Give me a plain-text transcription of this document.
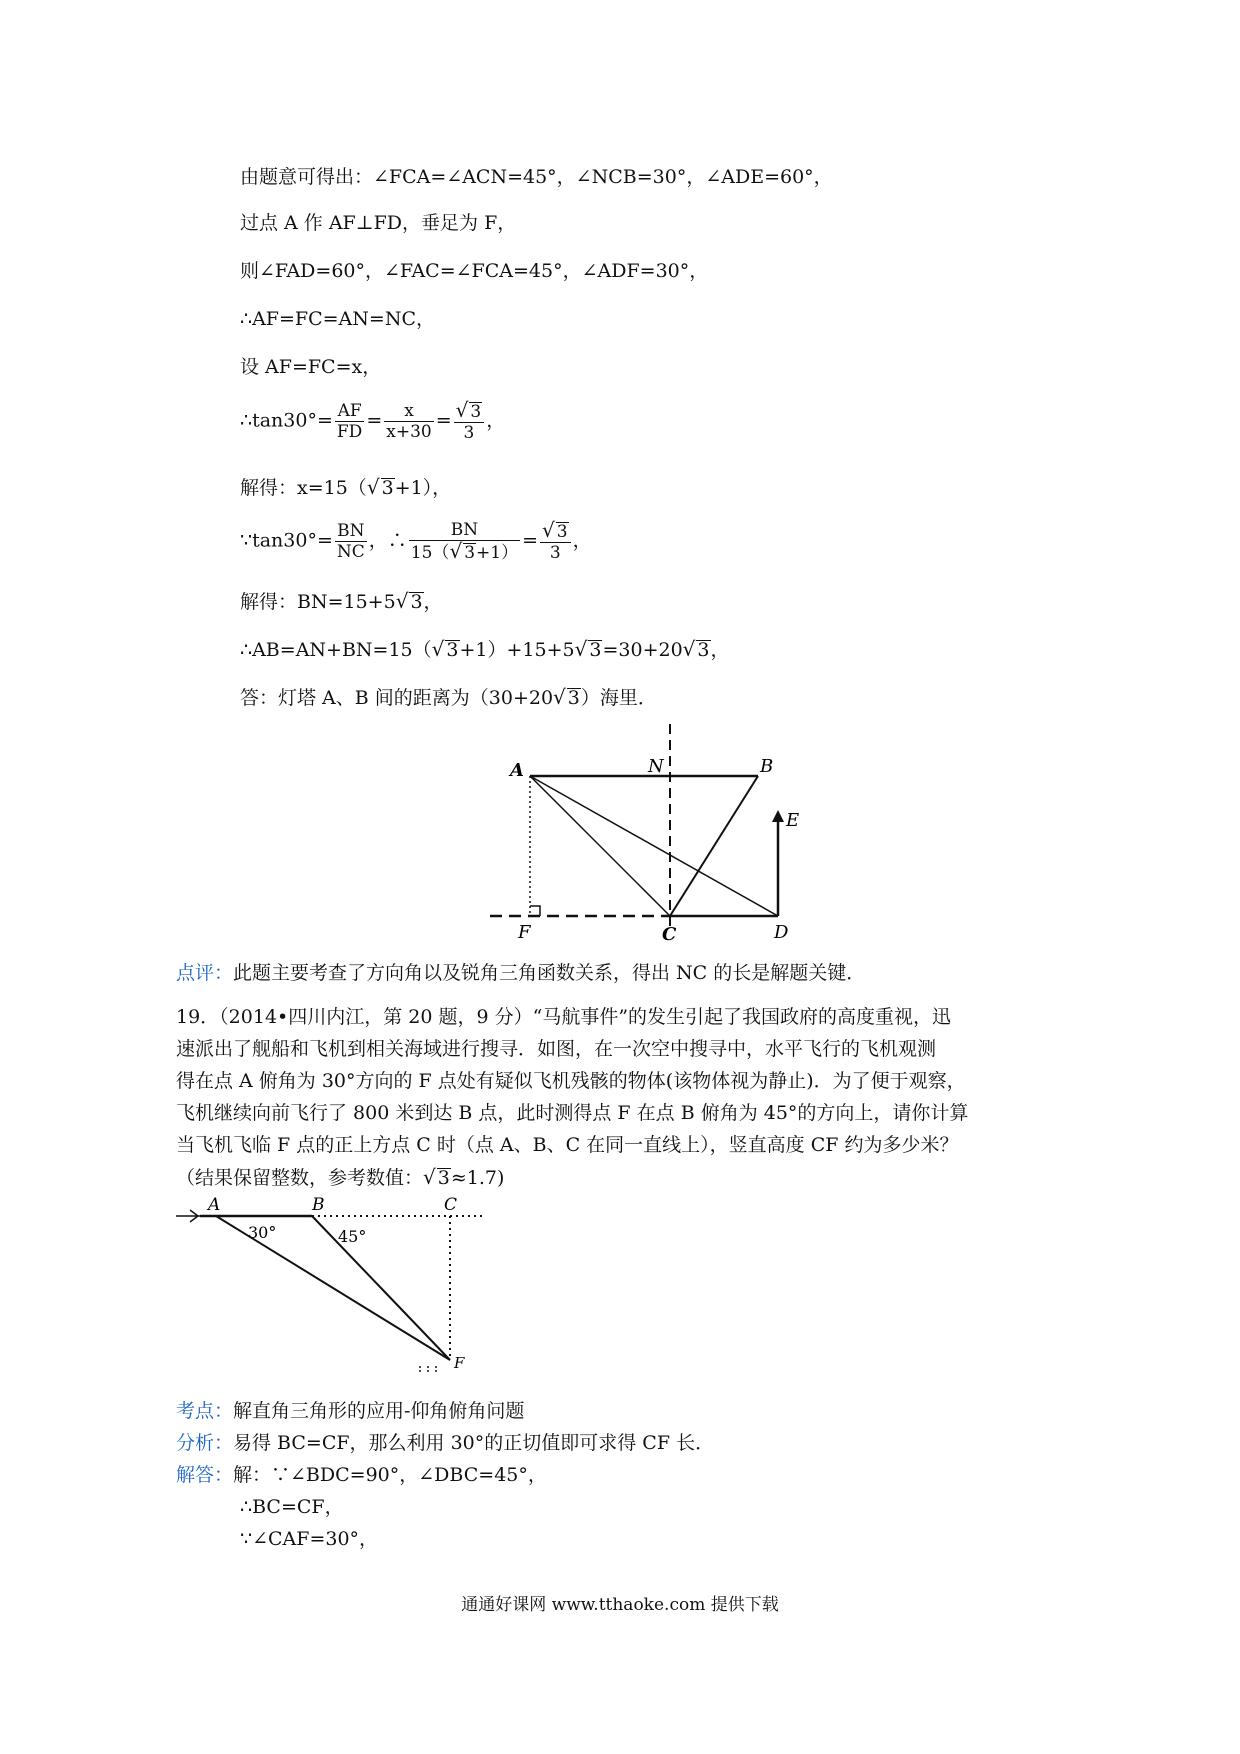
由题意可得出：∠FCA=∠ACN=45°，∠NCB=30°，∠ADE=60°，
过点 A 作 AF⊥FD，垂足为 F，
则∠FAD=60°，∠FAC=∠FCA=45°，∠ADF=30°，
∴AF=FC=AN=NC，
设 AF=FC=x，
∴tan30°= $\frac{AF}{FD} = \frac{x}{x+30} = \frac{√ 3}{3}$ ，
解得：x=15（√ 3+1），
∵tan30°= $\frac{BN}{NC}$ ，∴ $\frac{BN}{15(√ 3+1)} = \frac{√ 3}{3}$ ，
解得：BN=15+5√ 3，
∴AB=AN+BN=15（√ 3+1）+15+5√ 3=30+20√ 3，
答：灯塔 A、B 间的距离为（30+20√ 3）海里．
A	N	B
E
F	C	D
点评：此题主要考查了方向角以及锐角三角函数关系，得出 NC 的长是解题关键．
19．（2014•四川内江，第 20 题，9 分）“马航事件”的发生引起了我国政府的高度重视，迅
速派出了舰船和飞机到相关海域进行搜寻．如图，在一次空中搜寻中，水平飞行的飞机观测
得在点 A 俯角为 30°方向的 F 点处有疑似飞机残骸的物体(该物体视为静止)．为了便于观察，
飞机继续向前飞行了 800 米到达 B 点，此时测得点 F 在点 B 俯角为 45°的方向上，请你计算
当飞机飞临 F 点的正上方点 C 时（点 A、B、C 在同一直线上），竖直高度 CF 约为多少米？
（结果保留整数，参考数值：√ 3≈1.7)
A	B	C
F
30°	45°
考点：解直角三角形的应用-仰角俯角问题
分析：易得 BC=CF，那么利用 30°的正切值即可求得 CF 长．
解答：解：∵∠BDC=90°，∠DBC=45°，
∴BC=CF，
∵∠CAF=30°，
通通好课网 www.tthaoke.com 提供下载
